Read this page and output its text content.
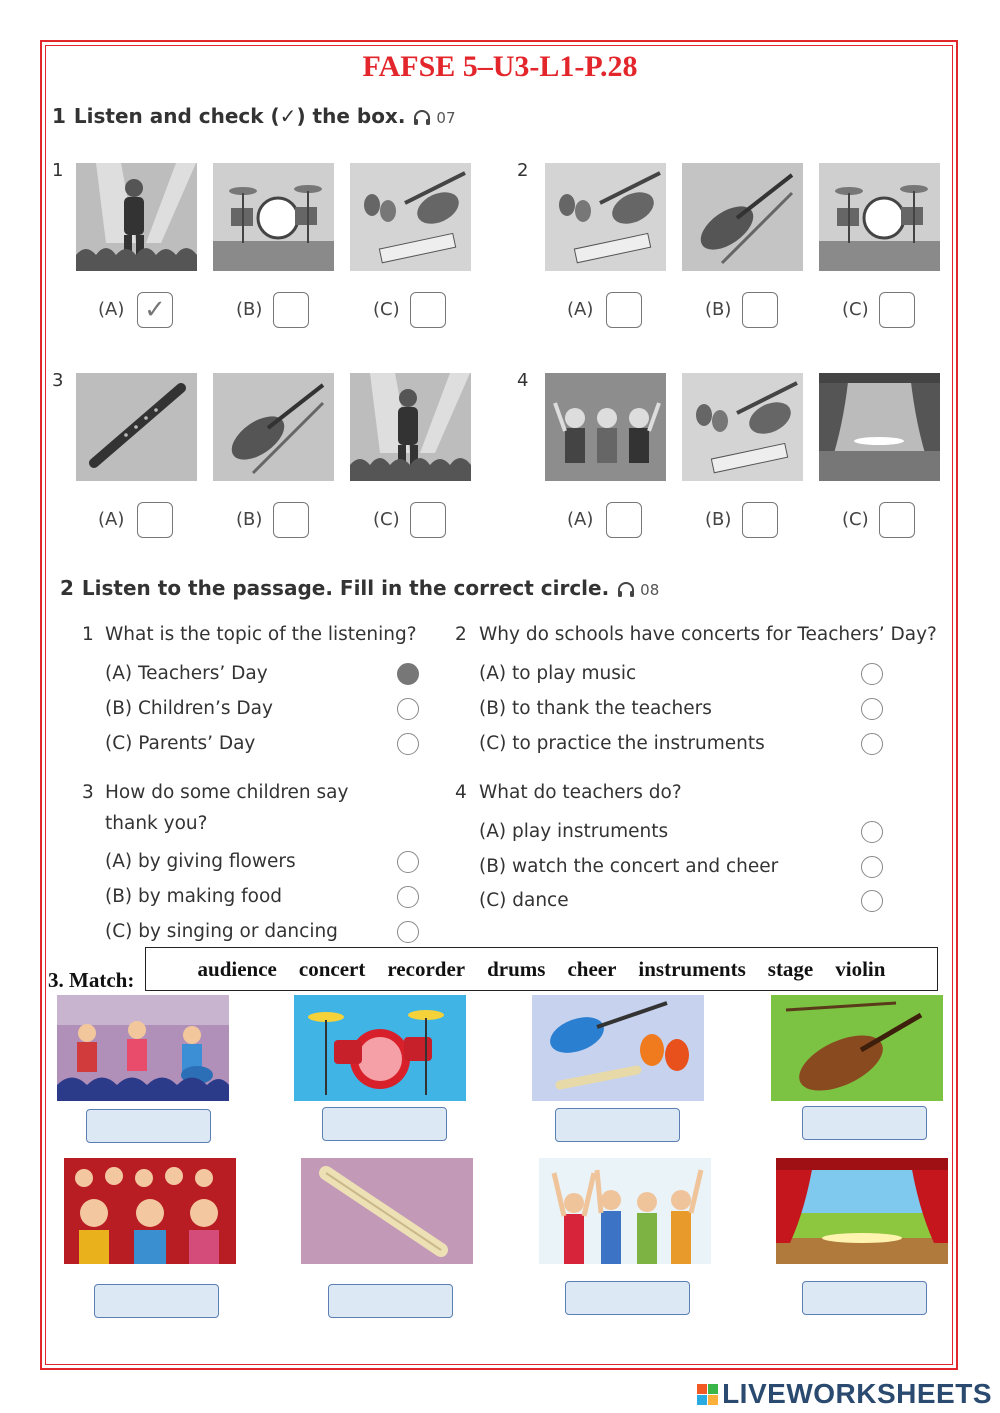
FAFSE 5–U3-L1-P.28
1 Listen and check (✓) the box. 07
1
(A) ✓	(B)	(C)
2
(A)	(B)	(C)
3
(A)	(B)	(C)
4
(A)	(B)	(C)
2 Listen to the passage. Fill in the correct circle. 08
1 What is the topic of the listening?
(A) Teachers’ Day
(B) Children’s Day
(C) Parents’ Day
2 Why do schools have concerts for Teachers’ Day?
(A) to play music
(B) to thank the teachers
(C) to practice the instruments
3 How do some children say
thank you?
(A) by giving flowers
(B) by making food
(C) by singing or dancing
4 What do teachers do?
(A) play instruments
(B) watch the concert and cheer
(C) dance
3. Match:	audience concert recorder drums cheer instruments stage violin
LIVEWORKSHEETS
